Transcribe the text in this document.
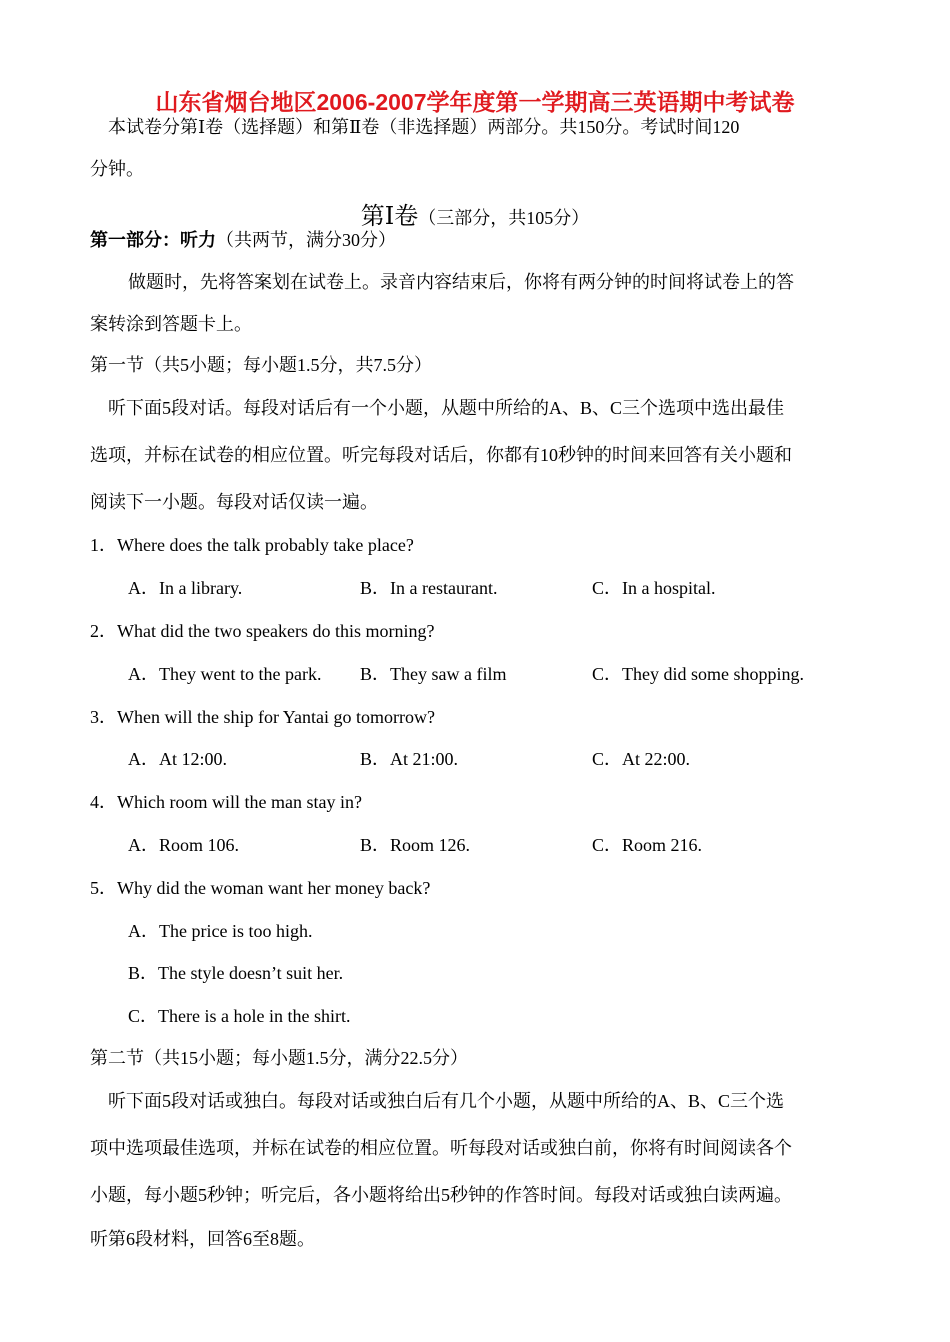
山东省烟台地区2006-2007学年度第一学期高三英语期中考试卷
本试卷分第Ⅰ卷（选择题）和第Ⅱ卷（非选择题）两部分。共150分。考试时间120
分钟。
第Ⅰ卷（三部分，共105分）
第一部分：听力（共两节，满分30分）
做题时，先将答案划在试卷上。录音内容结束后，你将有两分钟的时间将试卷上的答
案转涂到答题卡上。
第一节（共5小题；每小题1.5分，共7.5分）
听下面5段对话。每段对话后有一个小题，从题中所给的A、B、C三个选项中选出最佳
选项，并标在试卷的相应位置。听完每段对话后，你都有10秒钟的时间来回答有关小题和
阅读下一小题。每段对话仅读一遍。
1．Where does the talk probably take place?
A．In a library.	B．In a restaurant.	C．In a hospital.
2．What did the two speakers do this morning?
A．They went to the park. B．They saw a film	C．They did some shopping.
3．When will the ship for Yantai go tomorrow?
A．At 12:00.	B．At 21:00.	C．At 22:00.
4．Which room will the man stay in?
A．Room 106.	B．Room 126.	C．Room 216.
5．Why did the woman want her money back?
A．The price is too high.
B．The style doesn’t suit her.
C．There is a hole in the shirt.
第二节（共15小题；每小题1.5分，满分22.5分）
听下面5段对话或独白。每段对话或独白后有几个小题，从题中所给的A、B、C三个选
项中选项最佳选项，并标在试卷的相应位置。听每段对话或独白前，你将有时间阅读各个
小题，每小题5秒钟；听完后，各小题将给出5秒钟的作答时间。每段对话或独白读两遍。
听第6段材料，回答6至8题。
